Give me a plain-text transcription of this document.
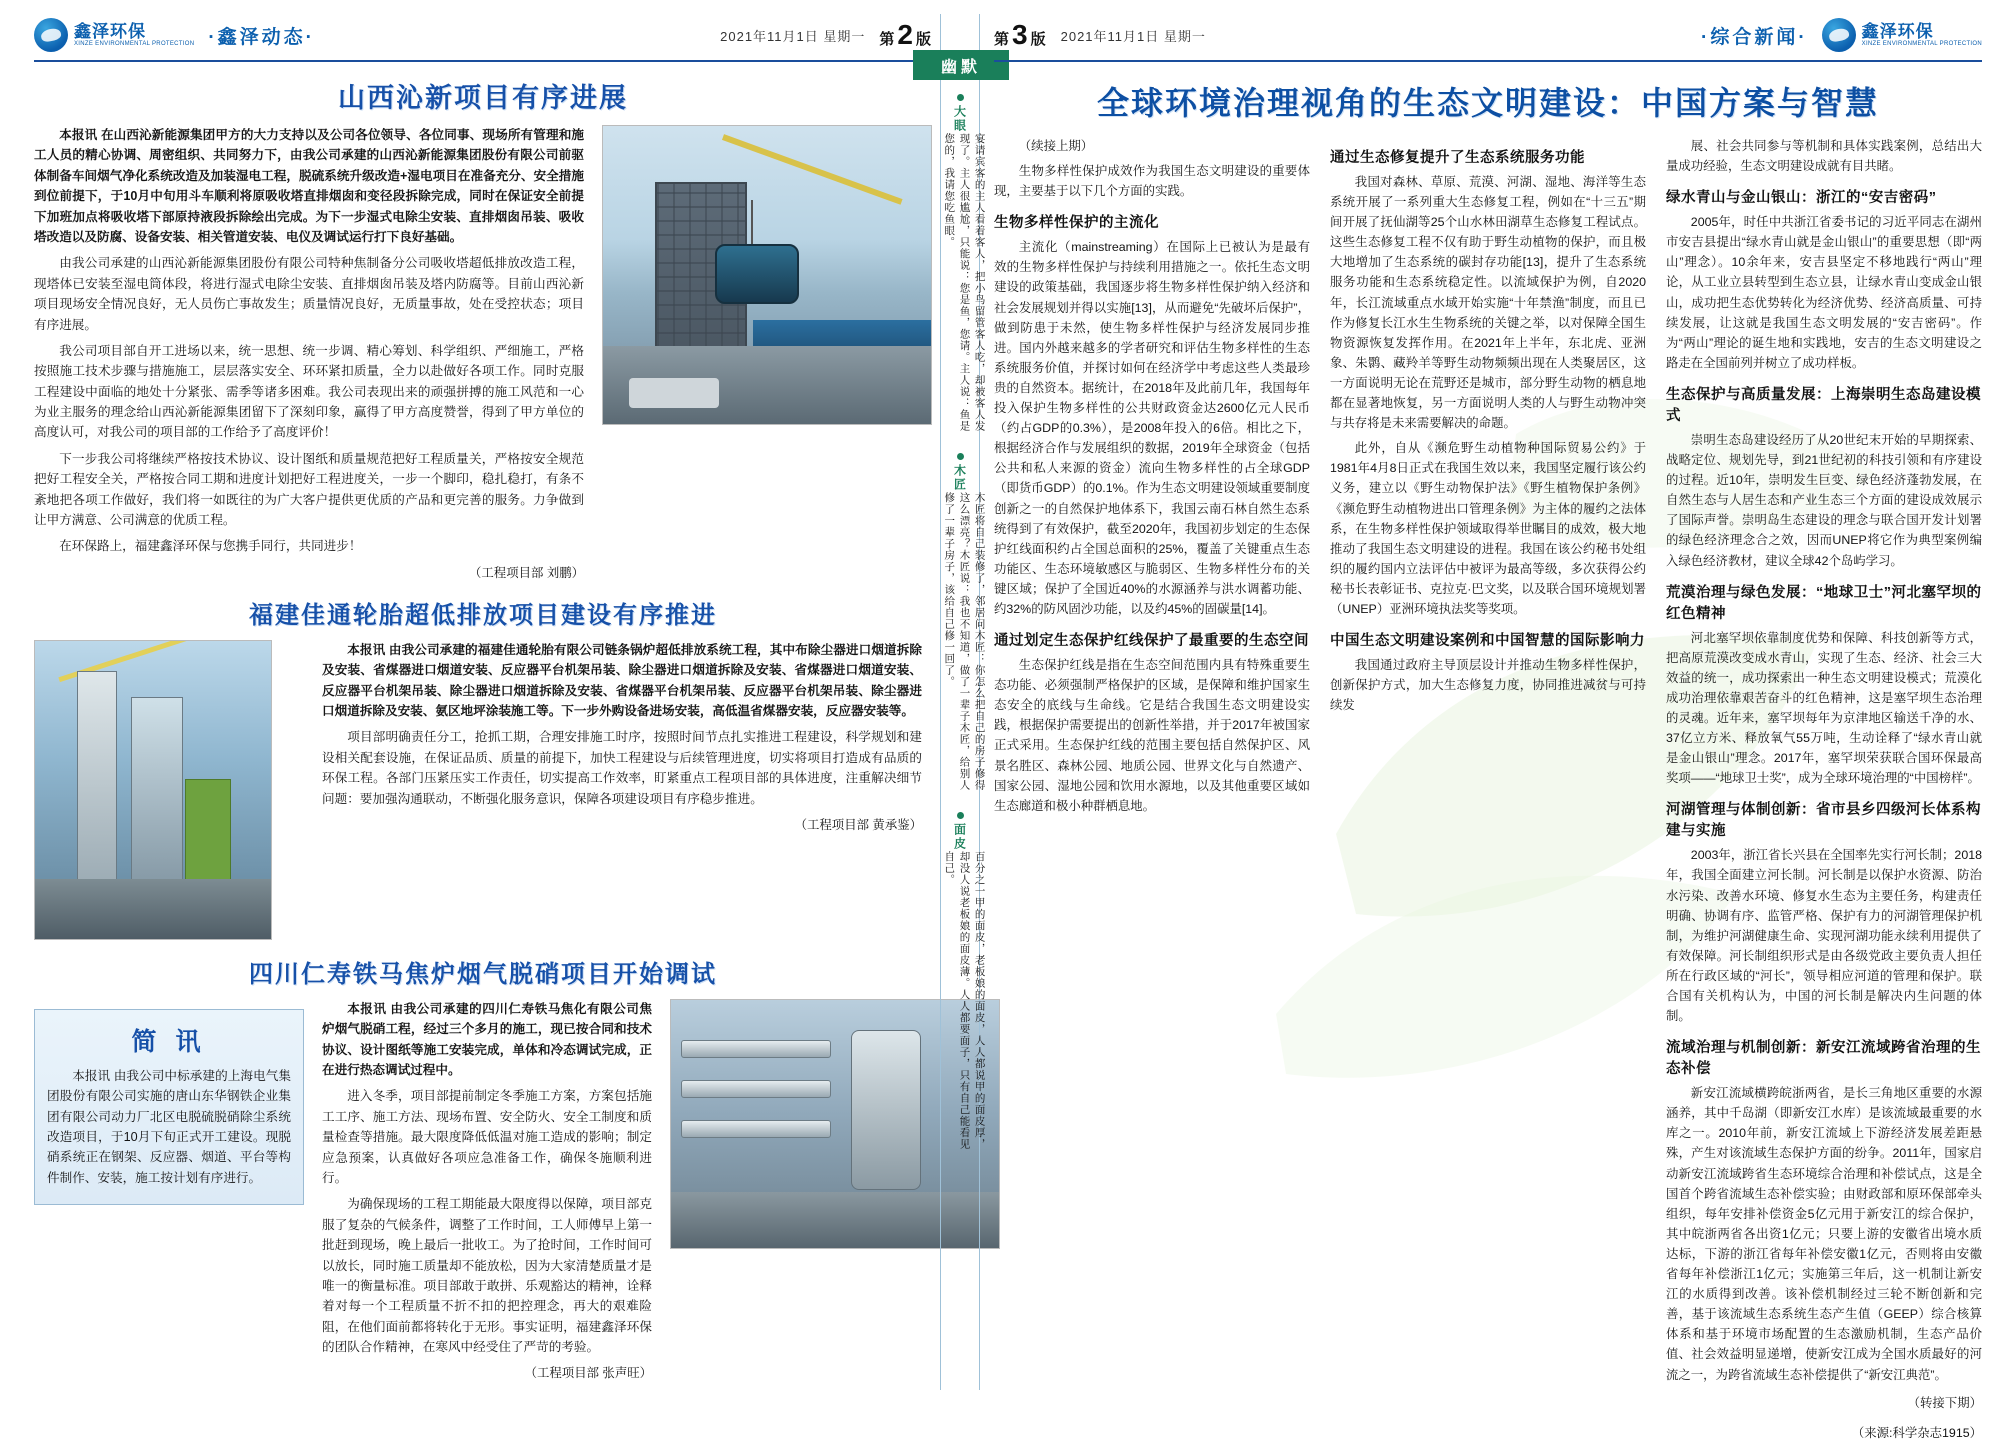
鑫泽环保
XINZE ENVIRONMENTAL PROTECTION ·鑫泽动态·	2021年11月1日 星期一 第 2 版
山西沁新项目有序进展

本报讯 在山西沁新能源集团甲方的大力支持以及公司各位领导、各位同事、现场所有管理和施工人员的精心协调、周密组织、共同努力下，由我公司承建的山西沁新能源集团股份有限公司前驱体制备车间烟气净化系统改造及加装湿电工程，脱硫系统升级改造+湿电项目在准备充分、安全措施到位前提下，于10月中旬用斗车顺利将原吸收塔直排烟囱和变径段拆除完成，同时在保证安全前提下加班加点将吸收塔下部原持液段拆除绘出完成。为下一步湿式电除尘安装、直排烟囱吊装、吸收塔改造以及防腐、设备安装、相关管道安装、电仪及调试运行打下良好基础。

由我公司承建的山西沁新能源集团股份有限公司特种焦制备分公司吸收塔超低排放改造工程，现塔体已安装至湿电筒体段，将进行湿式电除尘安装、直排烟囱吊装及塔内防腐等。目前山西沁新项目现场安全情况良好，无人员伤亡事故发生；质量情况良好，无质量事故，处在受控状态；项目有序进展。

我公司项目部自开工进场以来，统一思想、统一步调、精心筹划、科学组织、严细施工，严格按照施工技术步骤与措施施工，层层落实安全、环环紧扣质量，全力以赴做好各项工作。同时克服工程建设中面临的地处十分紧张、需季等诸多困难。我公司表现出来的顽强拼搏的施工风范和一心为业主服务的理念给山西沁新能源集团留下了深刻印象，赢得了甲方高度赞誉，得到了甲方单位的高度认可，对我公司的项目部的工作给予了高度评价！

下一步我公司将继续严格按技术协议、设计图纸和质量规范把好工程质量关，严格按安全规范把好工程安全关，严格按合同工期和进度计划把好工程进度关，一步一个脚印，稳扎稳打，有条不紊地把各项工作做好，我们将一如既往的为广大客户提供更优质的产品和更完善的服务。力争做到让甲方满意、公司满意的优质工程。

在环保路上，福建鑫泽环保与您携手同行，共同进步！

（工程项目部 刘鹏）

福建佳通轮胎超低排放项目建设有序推进

本报讯 由我公司承建的福建佳通轮胎有限公司链条锅炉超低排放系统工程，其中布除尘器进口烟道拆除及安装、省煤器进口烟道安装、反应器平台机架吊装、除尘器进口烟道拆除及安装、省煤器进口烟道安装、反应器平台机架吊装、除尘器进口烟道拆除及安装、省煤器平台机架吊装、反应器平台机架吊装、除尘器进口烟道拆除及安装、氨区地坪涂装施工等。下一步外购设备进场安装，高低温省煤器安装，反应器安装等。

项目部明确责任分工，抢抓工期，合理安排施工时序，按照时间节点扎实推进工程建设，科学规划和建设相关配套设施，在保证品质、质量的前提下，加快工程建设与后续管理进度，切实将项目打造成有品质的环保工程。各部门压紧压实工作责任，切实提高工作效率，盯紧重点工程项目部的具体进度，注重解决细节问题：要加强沟通联动，不断强化服务意识，保障各项建设项目有序稳步推进。

（工程项目部 黄承鉴）

四川仁寿铁马焦炉烟气脱硝项目开始调试
简 讯

本报讯 由我公司中标承建的上海电气集团股份有限公司实施的唐山东华钢铁企业集团有限公司动力厂北区电脱硫脱硝除尘系统改造项目，于10月下旬正式开工建设。现脱硝系统正在钢架、反应器、烟道、平台等构件制作、安装，施工按计划有序进行。

本报讯 由我公司承建的四川仁寿铁马焦化有限公司焦炉烟气脱硝工程，经过三个多月的施工，现已按合同和技术协议、设计图纸等施工安装完成，单体和冷态调试完成，正在进行热态调试过程中。

进入冬季，项目部提前制定冬季施工方案，方案包括施工工序、施工方法、现场布置、安全防火、安全工制度和质量检查等措施。最大限度降低低温对施工造成的影响；制定应急预案，认真做好各项应急准备工作，确保冬施顺利进行。

为确保现场的工程工期能最大限度得以保障，项目部克服了复杂的气候条件，调整了工作时间，工人师傅早上第一批赶到现场，晚上最后一批收工。为了抢时间，工作时间可以放长，同时施工质量却不能放松，因为大家清楚质量才是唯一的衡量标准。项目部敢于敢拼、乐观豁达的精神，诠释着对每一个工程质量不折不扣的把控理念，再大的艰难险阻，在他们面前都将转化于无形。事实证明，福建鑫泽环保的团队合作精神，在寒风中经受住了严苛的考验。

（工程项目部 张声旺）

幽默
大眼
宴请宾客的主人看着客人，把小鸟留管客人吃，却被客人发现了。主人很尴尬，只能说：您是鱼，您请。主人说：鱼是您的，我请您吃鱼眼。
木匠
木匠将自己装修了，邻居问木匠：你怎么把自己的房子修得这么漂亮？木匠说：我也不知道，做了一辈子木匠，给别人修了一辈子房子，该给自己修一回了。
面皮
百分之一甲的面皮，老板娘的面皮，人人都说甲的面皮厚，却没人说老板娘的面皮薄。人人都要面子，只有自己能看见自己。
第 3 版 2021年11月1日 星期一	·综合新闻·	鑫泽环保
XINZE ENVIRONMENTAL PROTECTION
全球环境治理视角的生态文明建设：中国方案与智慧

（续接上期）

生物多样性保护成效作为我国生态文明建设的重要体现，主要基于以下几个方面的实践。

生物多样性保护的主流化

主流化（mainstreaming）在国际上已被认为是最有效的生物多样性保护与持续利用措施之一。依托生态文明建设的政策基础，我国逐步将生物多样性保护纳入经济和社会发展规划并得以实施[13]，从而避免“先破坏后保护”，做到防患于未然，使生物多样性保护与经济发展同步推进。国内外越来越多的学者研究和评估生物多样性的生态系统服务价值，并探讨如何在经济学中考虑这些人类最珍贵的自然资本。据统计，在2018年及此前几年，我国每年投入保护生物多样性的公共财政资金达2600亿元人民币（约占GDP的0.3%），是2008年投入的6倍。相比之下，根据经济合作与发展组织的数据，2019年全球资金（包括公共和私人来源的资金）流向生物多样性的占全球GDP（即货币GDP）的0.1%。作为生态文明建设领域重要制度创新之一的自然保护地体系下，我国云南石林自然生态系统得到了有效保护，截至2020年，我国初步划定的生态保护红线面积约占全国总面积的25%，覆盖了关键重点生态功能区、生态环境敏感区与脆弱区、生物多样性分布的关键区域；保护了全国近40%的水源涵养与洪水调蓄功能、约32%的防风固沙功能，以及约45%的固碳量[14]。

通过划定生态保护红线保护了最重要的生态空间

生态保护红线是指在生态空间范围内具有特殊重要生态功能、必须强制严格保护的区域，是保障和维护国家生态安全的底线与生命线。它是结合我国生态文明建设实践，根据保护需要提出的创新性举措，并于2017年被国家正式采用。生态保护红线的范围主要包括自然保护区、风景名胜区、森林公园、地质公园、世界文化与自然遗产、国家公园、湿地公园和饮用水源地，以及其他重要区域如生态廊道和极小种群栖息地。

通过生态修复提升了生态系统服务功能

我国对森林、草原、荒漠、河湖、湿地、海洋等生态系统开展了一系列重大生态修复工程，例如在“十三五”期间开展了抚仙湖等25个山水林田湖草生态修复工程试点。这些生态修复工程不仅有助于野生动植物的保护，而且极大地增加了生态系统的碳封存功能[13]，提升了生态系统服务功能和生态系统稳定性。以流域保护为例，自2020年，长江流域重点水域开始实施“十年禁渔”制度，而且已作为修复长江水生生物系统的关键之举，以对保障全国生物资源恢复发挥作用。在2021年上半年，东北虎、亚洲象、朱鹮、藏羚羊等野生动物频频出现在人类聚居区，这一方面说明无论在荒野还是城市，部分野生动物的栖息地都在显著地恢复，另一方面说明人类的人与野生动物冲突与共存将是未来需要解决的命题。

此外，自从《濒危野生动植物种国际贸易公约》于1981年4月8日正式在我国生效以来，我国坚定履行该公约义务，建立以《野生动物保护法》《野生植物保护条例》《濒危野生动植物进出口管理条例》为主体的履约之法体系，在生物多样性保护领域取得举世瞩目的成效，极大地推动了我国生态文明建设的进程。我国在该公约秘书处组织的履约国内立法评估中被评为最高等级，多次获得公约秘书长表彰证书、克拉克·巴文奖，以及联合国环境规划署（UNEP）亚洲环境执法奖等奖项。

中国生态文明建设案例和中国智慧的国际影响力

我国通过政府主导顶层设计并推动生物多样性保护，创新保护方式，加大生态修复力度，协同推进减贫与可持续发

展、社会共同参与等机制和具体实践案例，总结出大量成功经验，生态文明建设成就有目共睹。

绿水青山与金山银山：浙江的“安吉密码”

2005年，时任中共浙江省委书记的习近平同志在湖州市安吉县提出“绿水青山就是金山银山”的重要思想（即“两山”理念）。10余年来，安吉县坚定不移地践行“两山”理论，从工业立县转型到生态立县，让绿水青山变成金山银山，成功把生态优势转化为经济优势、经济高质量、可持续发展，让这就是我国生态文明发展的“安吉密码”。作为“两山”理论的诞生地和实践地，安吉的生态文明建设之路走在全国前列并树立了成功样板。

生态保护与高质量发展：上海崇明生态岛建设模式

崇明生态岛建设经历了从20世纪末开始的早期探索、战略定位、规划先导，到21世纪初的科技引领和有序建设的过程。近10年，崇明发生巨变、绿色经济蓬勃发展，在自然生态与人居生态和产业生态三个方面的建设成效展示了国际声誉。崇明岛生态建设的理念与联合国开发计划署的绿色经济理念合之效，因而UNEP将它作为典型案例编入绿色经济教材，建议全球42个岛屿学习。

荒漠治理与绿色发展：“地球卫士”河北塞罕坝的红色精神

河北塞罕坝依靠制度优势和保障、科技创新等方式，把高原荒漠改变成水青山，实现了生态、经济、社会三大效益的统一，成功探索出一种生态文明建设模式；荒漠化成功治理依靠艰苦奋斗的红色精神，这是塞罕坝生态治理的灵魂。近年来，塞罕坝每年为京津地区输送千净的水、37亿立方米、释放氧气55万吨，生动诠释了“绿水青山就是金山银山”理念。2017年，塞罕坝荣获联合国环保最高奖项——“地球卫士奖”，成为全球环境治理的“中国榜样”。

河湖管理与体制创新：省市县乡四级河长体系构建与实施

2003年，浙江省长兴县在全国率先实行河长制；2018年，我国全面建立河长制。河长制是以保护水资源、防治水污染、改善水环境、修复水生态为主要任务，构建责任明确、协调有序、监管严格、保护有力的河湖管理保护机制，为维护河湖健康生命、实现河湖功能永续利用提供了有效保障。河长制组织形式是由各级党政主要负责人担任所在行政区域的“河长”，领导相应河道的管理和保护。联合国有关机构认为，中国的河长制是解决内生问题的体制。

流域治理与机制创新：新安江流域跨省治理的生态补偿

新安江流域横跨皖浙两省，是长三角地区重要的水源涵养，其中千岛湖（即新安江水库）是该流域最重要的水库之一。2010年前，新安江流域上下游经济发展差距悬殊，产生对该流域生态保护方面的纷争。2011年，国家启动新安江流域跨省生态环境综合治理和补偿试点，这是全国首个跨省流域生态补偿实验；由财政部和原环保部牵头组织，每年安排补偿资金5亿元用于新安江的综合保护，其中皖浙两省各出资1亿元；只要上游的安徽省出境水质达标，下游的浙江省每年补偿安徽1亿元，否则将由安徽省每年补偿浙江1亿元；实施第三年后，这一机制让新安江的水质得到改善。该补偿机制经过三轮不断创新和完善，基于该流域生态系统生态产生值（GEEP）综合核算体系和基于环境市场配置的生态激励机制，生态产品价值、社会效益明显递增，使新安江成为全国水质最好的河流之一，为跨省流域生态补偿提供了“新安江典范”。

（转接下期）

（来源:科学杂志1915）
